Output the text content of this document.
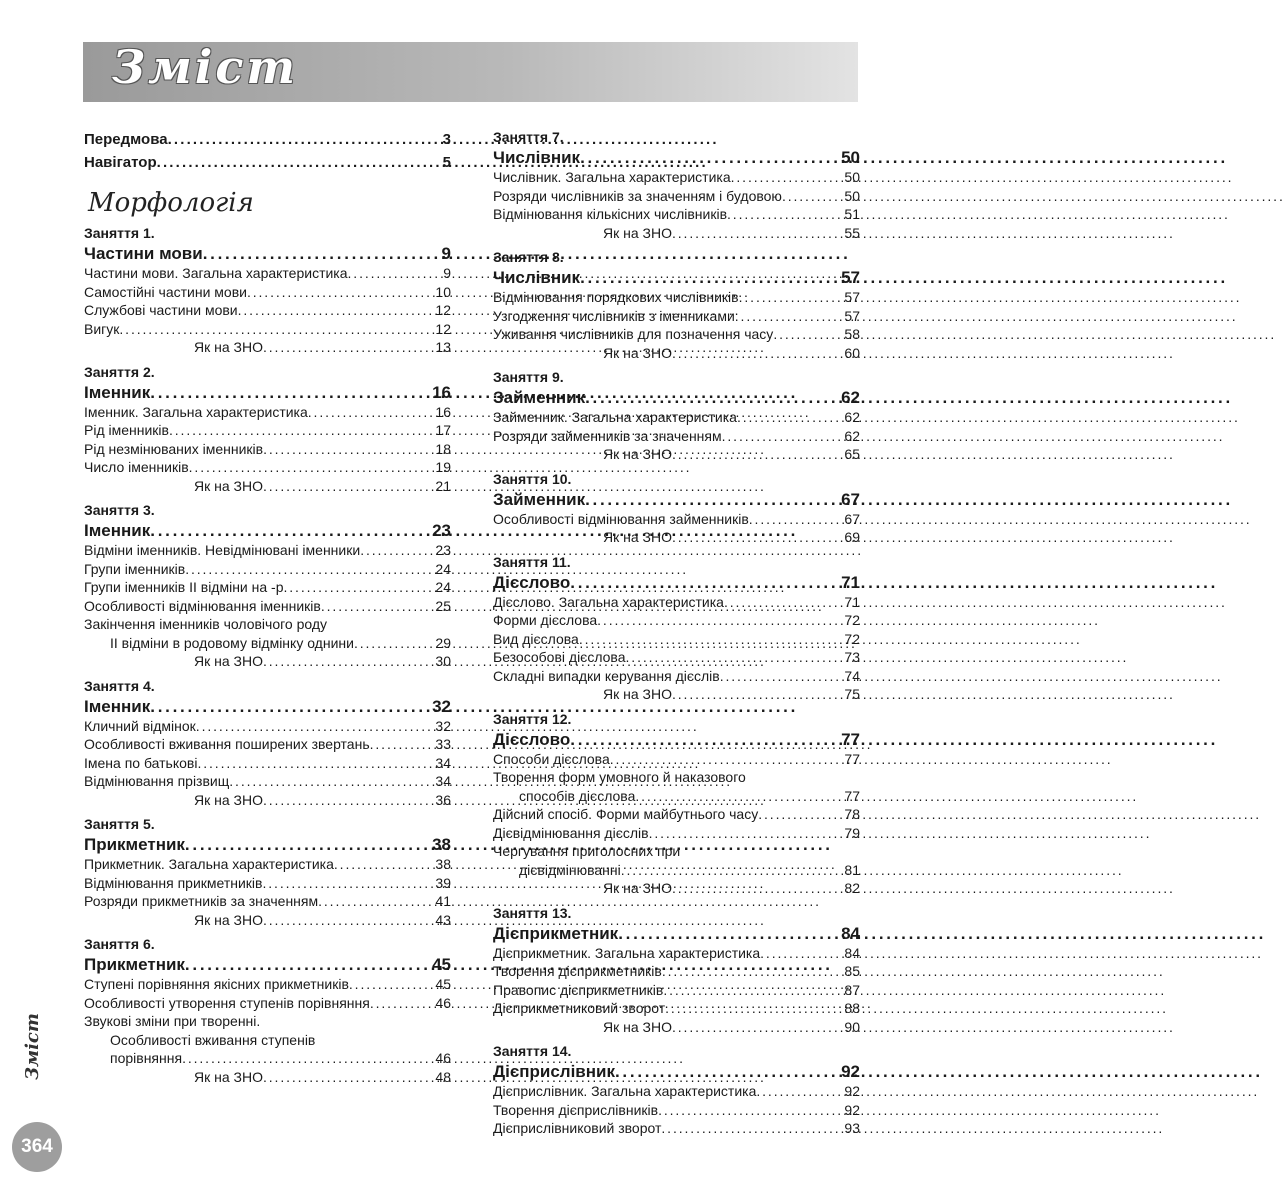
Зміст
Передмова . . .	3
Навігатор . . .	5
Морфологія
Заняття 1.
Частини мови . . .	9
Частини мови. Загальна характеристика . . .	9
Самостійні частини мови . . .	10
Службові частини мови . . .	12
Вигук . . .	12
Як на ЗНО . . .	13
Заняття 2.
Іменник . . .	16
Іменник. Загальна характеристика . . .	16
Рід іменників . . .	17
Рід незмінюваних іменників . . .	18
Число іменників . . .	19
Як на ЗНО . . .	21
Заняття 3.
Іменник . . .	23
Відміни іменників. Невідмінювані іменники . . .	23
Групи іменників . . .	24
Групи іменників ІІ відміни на -р . . .	24
Особливості відмінювання іменників . . .	25
Закінчення іменників чоловічого роду
ІІ відміни в родовому відмінку однини . . .	29
Як на ЗНО . . .	30
Заняття 4.
Іменник . . .	32
Кличний відмінок . . .	32
Особливості вживання поширених звертань . . .	33
Імена по батькові . . .	34
Відмінювання прізвищ . . .	34
Як на ЗНО . . .	36
Заняття 5.
Прикметник . . .	38
Прикметник. Загальна характеристика . . .	38
Відмінювання прикметників . . .	39
Розряди прикметників за значенням . . .	41
Як на ЗНО . . .	43
Заняття 6.
Прикметник . . .	45
Ступені порівняння якісних прикметників . . .	45
Особливості утворення ступенів порівняння . . .	46
Звукові зміни при творенні.
Особливості вживання ступенів
порівняння . . .	46
Як на ЗНО . . .	48
Заняття 7.
Числівник . . .	50
Числівник. Загальна характеристика . . .	50
Розряди числівників за значенням і будовою . . .	50
Відмінювання кількісних числівників . . .	51
Як на ЗНО . . .	55
Заняття 8.
Числівник . . .	57
Відмінювання порядкових числівників . . .	57
Узгодження числівників з іменниками . . .	57
Уживання числівників для позначення часу . . .	58
Як на ЗНО . . .	60
Заняття 9.
Займенник . . .	62
Займенник. Загальна характеристика . . .	62
Розряди займенників за значенням . . .	62
Як на ЗНО . . .	65
Заняття 10.
Займенник . . .	67
Особливості відмінювання займенників . . .	67
Як на ЗНО . . .	69
Заняття 11.
Дієслово . . .	71
Дієслово. Загальна характеристика . . .	71
Форми дієслова . . .	72
Вид дієслова . . .	72
Безособові дієслова . . .	73
Складні випадки керування дієслів . . .	74
Як на ЗНО . . .	75
Заняття 12.
Дієслово . . .	77
Способи дієслова . . .	77
Творення форм умовного й наказового
способів дієслова . . .	77
Дійсний спосіб. Форми майбутнього часу . . .	78
Дієвідмінювання дієслів . . .	79
Чергування приголосних при
дієвідмінюванні . . .	81
Як на ЗНО . . .	82
Заняття 13.
Дієприкметник . . .	84
Дієприкметник. Загальна характеристика . . .	84
Творення дієприкметників . . .	85
Правопис дієприкметників . . .	87
Дієприкметниковий зворот . . .	88
Як на ЗНО . . .	90
Заняття 14.
Дієприслівник . . .	92
Дієприслівник. Загальна характеристика . . .	92
Творення дієприслівників . . .	92
Дієприслівниковий зворот . . .	93
Зміст
364
